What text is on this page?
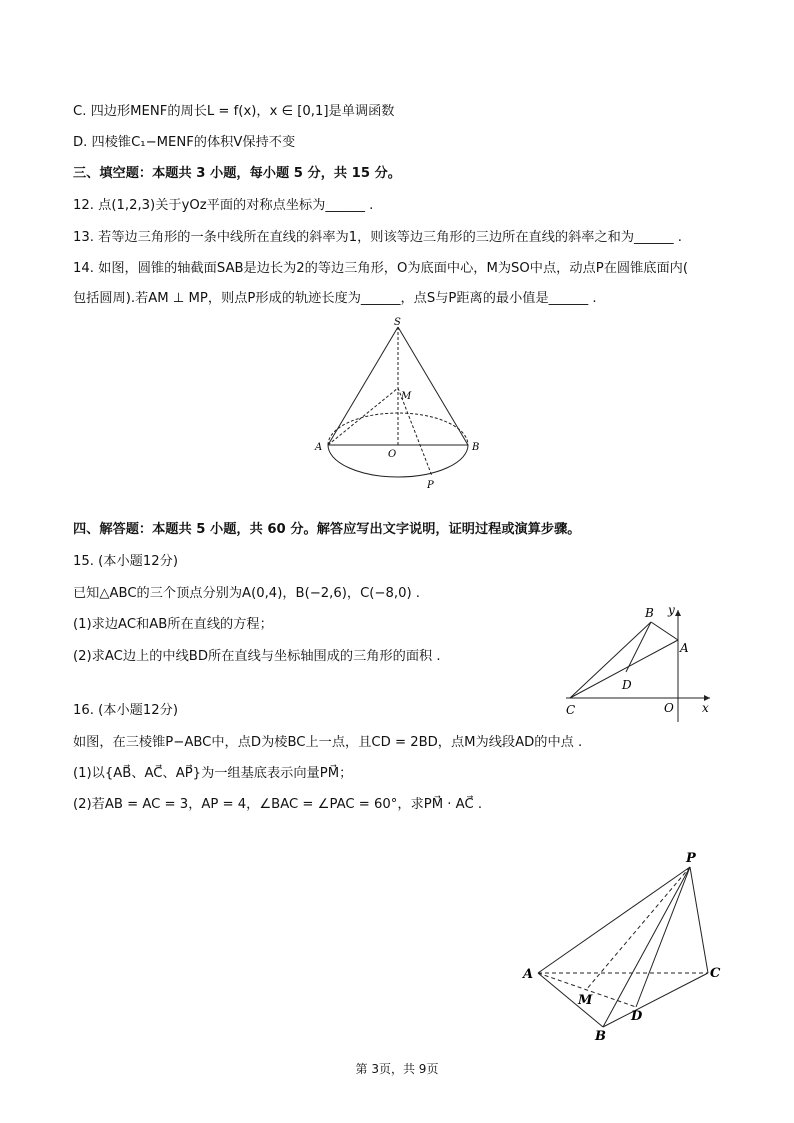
C. 四边形MENF的周长L = f(x)，x ∈ [0,1]是单调函数
D. 四棱锥C₁−MENF的体积V保持不变
三、填空题：本题共 3 小题，每小题 5 分，共 15 分。
12. 点(1,2,3)关于yOz平面的对称点坐标为______ .
13. 若等边三角形的一条中线所在直线的斜率为1，则该等边三角形的三边所在直线的斜率之和为______ .
14. 如图，圆锥的轴截面SAB是边长为2的等边三角形，O为底面中心，M为SO中点，动点P在圆锥底面内(
包括圆周).若AM ⊥ MP，则点P形成的轨迹长度为______，点S与P距离的最小值是______ .
S
M
A
O
B
P
四、解答题：本题共 5 小题，共 60 分。解答应写出文字说明，证明过程或演算步骤。
15. (本小题12分)
已知△ABC的三个顶点分别为A(0,4)，B(−2,6)，C(−8,0) .
(1)求边AC和AB所在直线的方程；
(2)求AC边上的中线BD所在直线与坐标轴围成的三角形的面积 .
B y
A
D
C	O x
16. (本小题12分)
如图，在三棱锥P−ABC中，点D为棱BC上一点，且CD = 2BD，点M为线段AD的中点 .
(1)以{AB⃗、AC⃗、AP⃗}为一组基底表示向量PM⃗；
(2)若AB = AC = 3，AP = 4，∠BAC = ∠PAC = 60°，求PM⃗ · AC⃗ .
P
A	C
M
B
D
第 3页，共 9页
